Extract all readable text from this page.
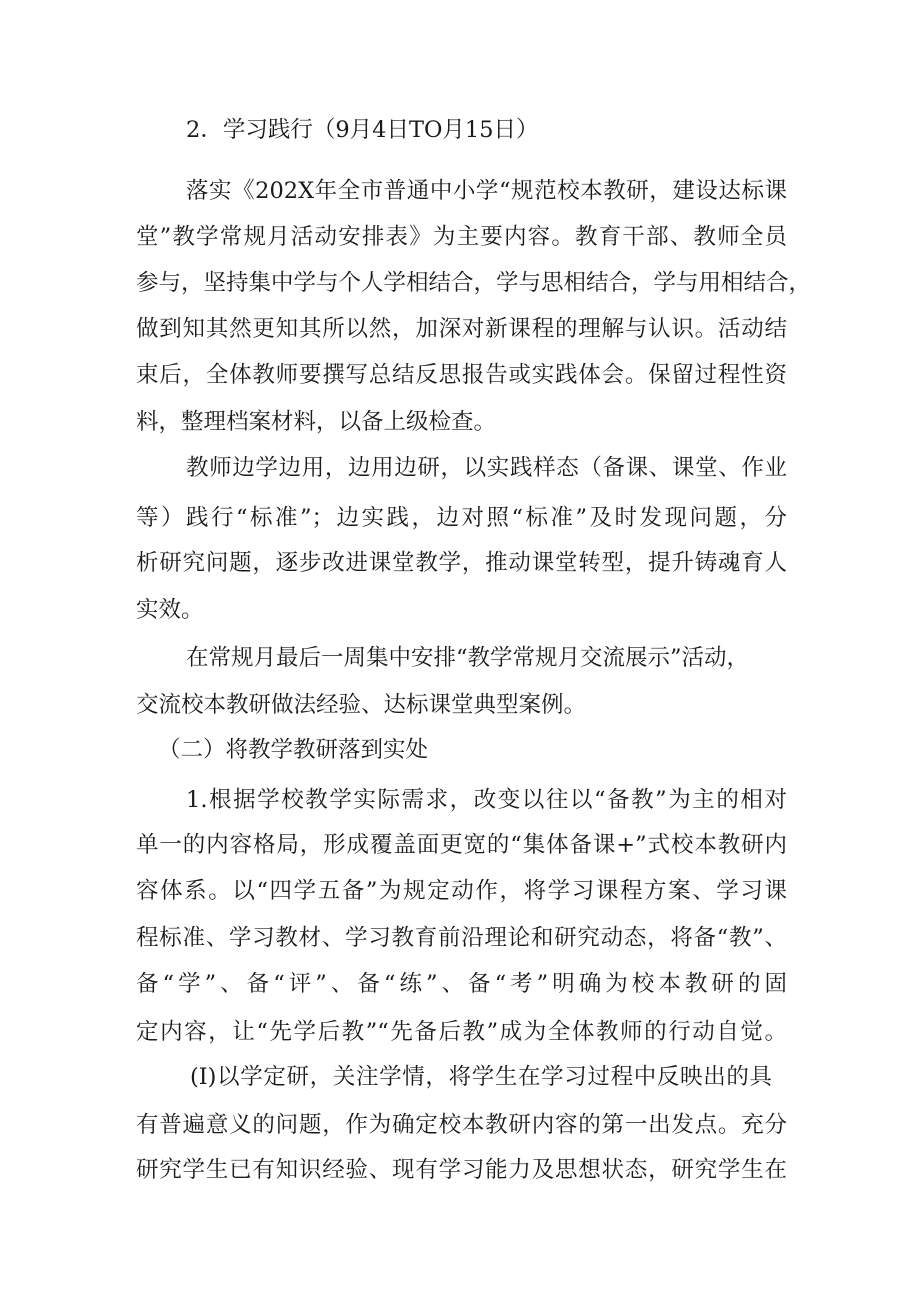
2．学习践行（9月4日TO月15日）

落实《202X年全市普通中小学“规范校本教研，建设达标课

堂”教学常规月活动安排表》为主要内容。教育干部、教师全员

参与，坚持集中学与个人学相结合，学与思相结合，学与用相结合，

做到知其然更知其所以然，加深对新课程的理解与认识。活动结

束后，全体教师要撰写总结反思报告或实践体会。保留过程性资

料，整理档案材料，以备上级检查。

教师边学边用，边用边研，以实践样态（备课、课堂、作业

等）践行“标准”；边实践，边对照“标准”及时发现问题，分

析研究问题，逐步改进课堂教学，推动课堂转型，提升铸魂育人

实效。

在常规月最后一周集中安排“教学常规月交流展示”活动，

交流校本教研做法经验、达标课堂典型案例。

（二）将教学教研落到实处

1.根据学校教学实际需求，改变以往以“备教”为主的相对

单一的内容格局，形成覆盖面更宽的“集体备课+”式校本教研内

容体系。以“四学五备”为规定动作，将学习课程方案、学习课

程标准、学习教材、学习教育前沿理论和研究动态，将备“教”、

备“学”、备“评”、备“练”、备“考”明确为校本教研的固

定内容，让“先学后教”“先备后教”成为全体教师的行动自觉。

(I)以学定研，关注学情，将学生在学习过程中反映出的具

有普遍意义的问题，作为确定校本教研内容的第一出发点。充分

研究学生已有知识经验、现有学习能力及思想状态，研究学生在
